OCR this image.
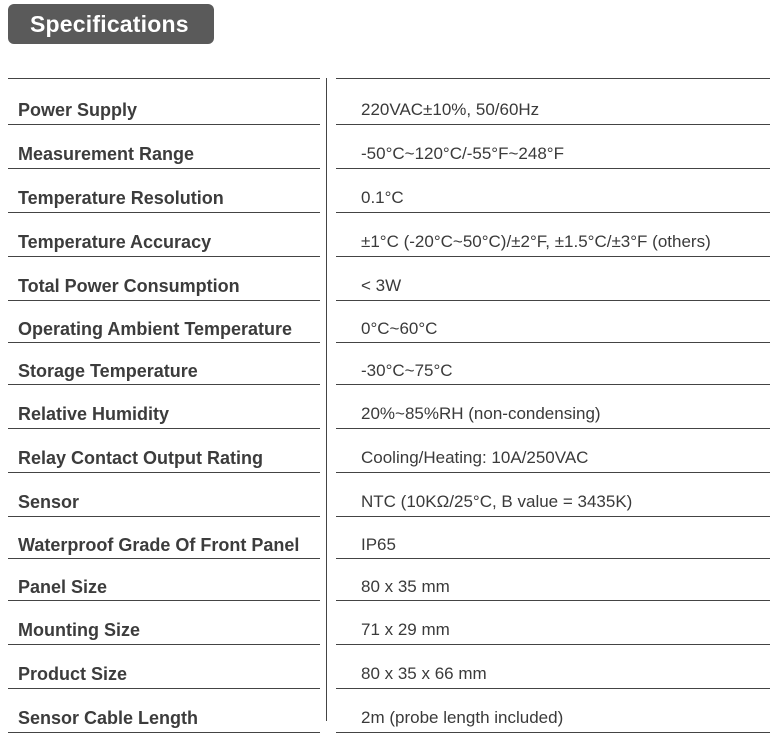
Specifications
Power Supply	220VAC±10%, 50/60Hz
Measurement Range	-50°C~120°C/-55°F~248°F
Temperature Resolution	0.1°C
Temperature Accuracy	±1°C (-20°C~50°C)/±2°F, ±1.5°C/±3°F (others)
Total Power Consumption	< 3W
Operating Ambient Temperature	0°C~60°C
Storage Temperature	-30°C~75°C
Relative Humidity	20%~85%RH (non-condensing)
Relay Contact Output Rating	Cooling/Heating: 10A/250VAC
Sensor	NTC (10KΩ/25°C, B value = 3435K)
Waterproof Grade Of Front Panel	IP65
Panel Size	80 x 35 mm
Mounting Size	71 x 29 mm
Product Size	80 x 35 x 66 mm
Sensor Cable Length	2m (probe length included)
